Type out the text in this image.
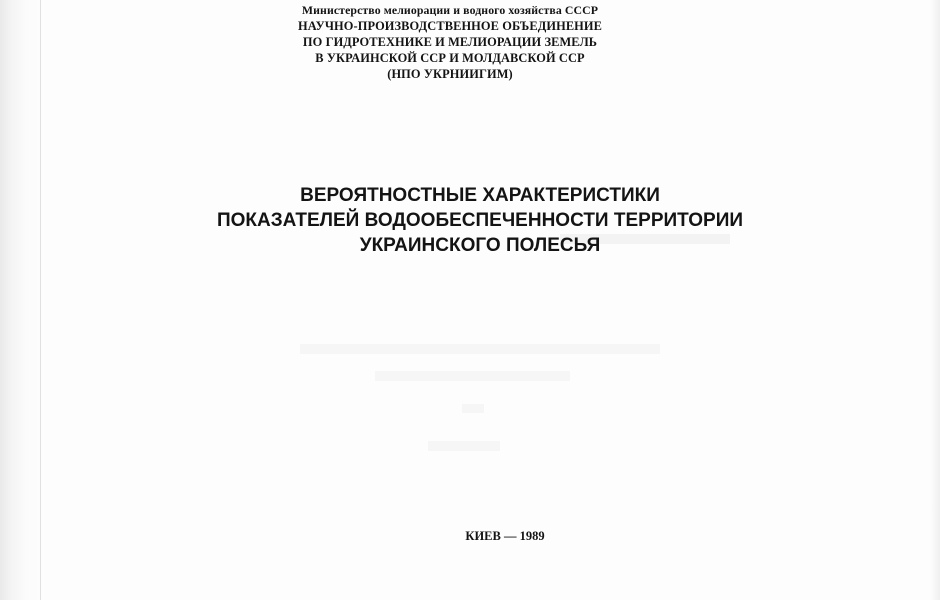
Министерство мелиорации и водного хозяйства СССР
НАУЧНО-ПРОИЗВОДСТВЕННОЕ ОБЪЕДИНЕНИЕ
ПО ГИДРОТЕХНИКЕ И МЕЛИОРАЦИИ ЗЕМЕЛЬ
В УКРАИНСКОЙ ССР И МОЛДАВСКОЙ ССР
(НПО УКРНИИГИМ)
ВЕРОЯТНОСТНЫЕ ХАРАКТЕРИСТИКИ
ПОКАЗАТЕЛЕЙ ВОДООБЕСПЕЧЕННОСТИ ТЕРРИТОРИИ
УКРАИНСКОГО ПОЛЕСЬЯ
КИЕВ — 1989
